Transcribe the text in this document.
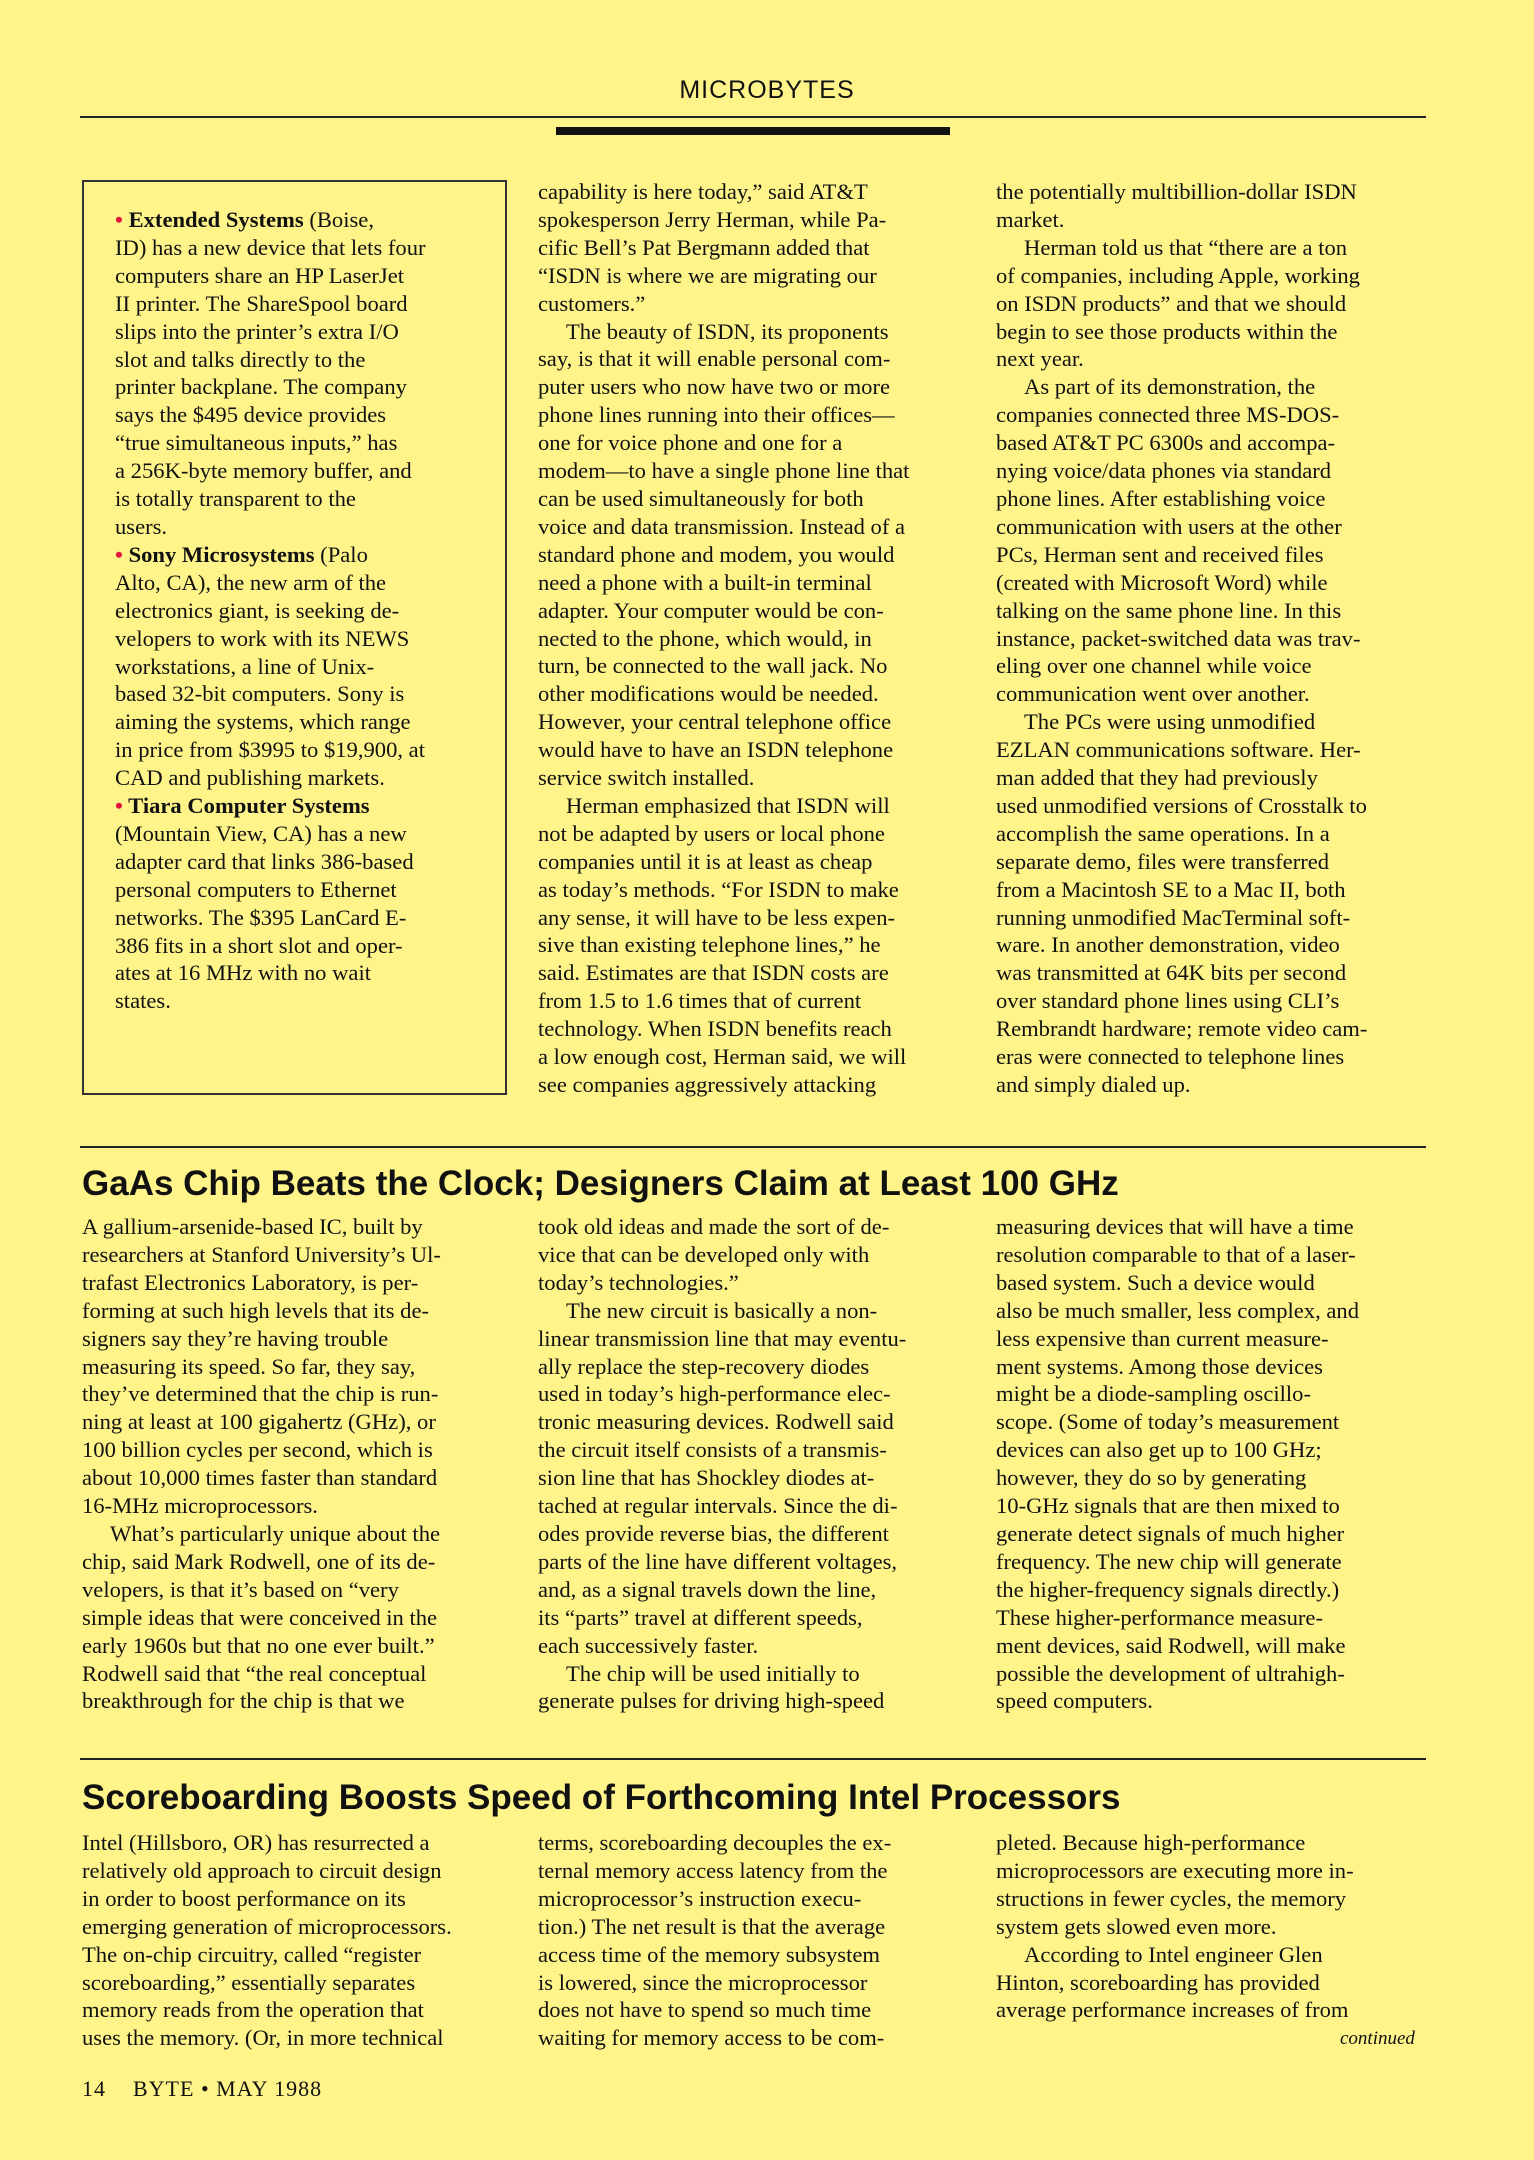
MICROBYTES

• Extended Systems (Boise,
ID) has a new device that lets four
computers share an HP LaserJet
II printer. The ShareSpool board
slips into the printer’s extra I/O
slot and talks directly to the
printer backplane. The company
says the $495 device provides
“true simultaneous inputs,” has
a 256K-byte memory buffer, and
is totally transparent to the
users.

• Sony Microsystems (Palo
Alto, CA), the new arm of the
electronics giant, is seeking de-
velopers to work with its NEWS
workstations, a line of Unix-
based 32-bit computers. Sony is
aiming the systems, which range
in price from $3995 to $19,900, at
CAD and publishing markets.

• Tiara Computer Systems
(Mountain View, CA) has a new
adapter card that links 386-based
personal computers to Ethernet
networks. The $395 LanCard E-
386 fits in a short slot and oper-
ates at 16 MHz with no wait
states.

capability is here today,” said AT&T
spokesperson Jerry Herman, while Pa-
cific Bell’s Pat Bergmann added that
“ISDN is where we are migrating our
customers.”

The beauty of ISDN, its proponents
say, is that it will enable personal com-
puter users who now have two or more
phone lines running into their offices—
one for voice phone and one for a
modem—to have a single phone line that
can be used simultaneously for both
voice and data transmission. Instead of a
standard phone and modem, you would
need a phone with a built-in terminal
adapter. Your computer would be con-
nected to the phone, which would, in
turn, be connected to the wall jack. No
other modifications would be needed.
However, your central telephone office
would have to have an ISDN telephone
service switch installed.

Herman emphasized that ISDN will
not be adapted by users or local phone
companies until it is at least as cheap
as today’s methods. “For ISDN to make
any sense, it will have to be less expen-
sive than existing telephone lines,” he
said. Estimates are that ISDN costs are
from 1.5 to 1.6 times that of current
technology. When ISDN benefits reach
a low enough cost, Herman said, we will
see companies aggressively attacking

the potentially multibillion-dollar ISDN
market.

Herman told us that “there are a ton
of companies, including Apple, working
on ISDN products” and that we should
begin to see those products within the
next year.

As part of its demonstration, the
companies connected three MS-DOS-
based AT&T PC 6300s and accompa-
nying voice/data phones via standard
phone lines. After establishing voice
communication with users at the other
PCs, Herman sent and received files
(created with Microsoft Word) while
talking on the same phone line. In this
instance, packet-switched data was trav-
eling over one channel while voice
communication went over another.

The PCs were using unmodified
EZLAN communications software. Her-
man added that they had previously
used unmodified versions of Crosstalk to
accomplish the same operations. In a
separate demo, files were transferred
from a Macintosh SE to a Mac II, both
running unmodified MacTerminal soft-
ware. In another demonstration, video
was transmitted at 64K bits per second
over standard phone lines using CLI’s
Rembrandt hardware; remote video cam-
eras were connected to telephone lines
and simply dialed up.

GaAs Chip Beats the Clock; Designers Claim at Least 100 GHz

A gallium-arsenide-based IC, built by
researchers at Stanford University’s Ul-
trafast Electronics Laboratory, is per-
forming at such high levels that its de-
signers say they’re having trouble
measuring its speed. So far, they say,
they’ve determined that the chip is run-
ning at least at 100 gigahertz (GHz), or
100 billion cycles per second, which is
about 10,000 times faster than standard
16-MHz microprocessors.

What’s particularly unique about the
chip, said Mark Rodwell, one of its de-
velopers, is that it’s based on “very
simple ideas that were conceived in the
early 1960s but that no one ever built.”
Rodwell said that “the real conceptual
breakthrough for the chip is that we

took old ideas and made the sort of de-
vice that can be developed only with
today’s technologies.”

The new circuit is basically a non-
linear transmission line that may eventu-
ally replace the step-recovery diodes
used in today’s high-performance elec-
tronic measuring devices. Rodwell said
the circuit itself consists of a transmis-
sion line that has Shockley diodes at-
tached at regular intervals. Since the di-
odes provide reverse bias, the different
parts of the line have different voltages,
and, as a signal travels down the line,
its “parts” travel at different speeds,
each successively faster.

The chip will be used initially to
generate pulses for driving high-speed

measuring devices that will have a time
resolution comparable to that of a laser-
based system. Such a device would
also be much smaller, less complex, and
less expensive than current measure-
ment systems. Among those devices
might be a diode-sampling oscillo-
scope. (Some of today’s measurement
devices can also get up to 100 GHz;
however, they do so by generating
10-GHz signals that are then mixed to
generate detect signals of much higher
frequency. The new chip will generate
the higher-frequency signals directly.)
These higher-performance measure-
ment devices, said Rodwell, will make
possible the development of ultrahigh-
speed computers.

Scoreboarding Boosts Speed of Forthcoming Intel Processors

Intel (Hillsboro, OR) has resurrected a
relatively old approach to circuit design
in order to boost performance on its
emerging generation of microprocessors.
The on-chip circuitry, called “register
scoreboarding,” essentially separates
memory reads from the operation that
uses the memory. (Or, in more technical

terms, scoreboarding decouples the ex-
ternal memory access latency from the
microprocessor’s instruction execu-
tion.) The net result is that the average
access time of the memory subsystem
is lowered, since the microprocessor
does not have to spend so much time
waiting for memory access to be com-

pleted. Because high-performance
microprocessors are executing more in-
structions in fewer cycles, the memory
system gets slowed even more.

According to Intel engineer Glen
Hinton, scoreboarding has provided
average performance increases of from

continued
14 BYTE • MAY 1988
